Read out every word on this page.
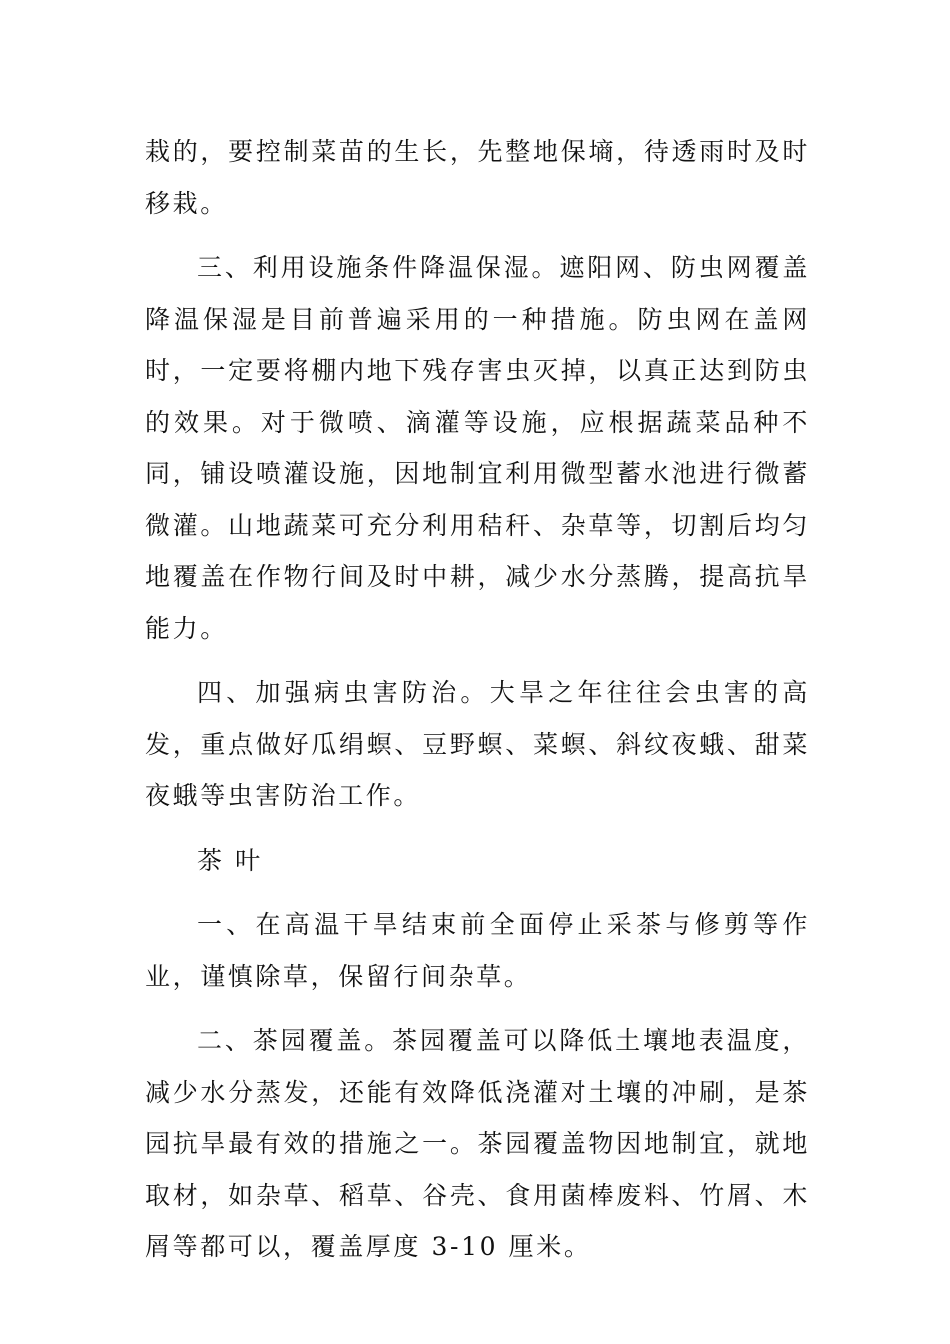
栽的，要控制菜苗的生长，先整地保墒，待透雨时及时移栽。

三、利用设施条件降温保湿。遮阳网、防虫网覆盖降温保湿是目前普遍采用的一种措施。防虫网在盖网时，一定要将棚内地下残存害虫灭掉，以真正达到防虫的效果。对于微喷、滴灌等设施，应根据蔬菜品种不同，铺设喷灌设施，因地制宜利用微型蓄水池进行微蓄微灌。山地蔬菜可充分利用秸秆、杂草等，切割后均匀地覆盖在作物行间及时中耕，减少水分蒸腾，提高抗旱能力。

四、加强病虫害防治。大旱之年往往会虫害的高发，重点做好瓜绢螟、豆野螟、菜螟、斜纹夜蛾、甜菜夜蛾等虫害防治工作。

茶 叶

一、在高温干旱结束前全面停止采茶与修剪等作业，谨慎除草，保留行间杂草。

二、茶园覆盖。茶园覆盖可以降低土壤地表温度，减少水分蒸发，还能有效降低浇灌对土壤的冲刷，是茶园抗旱最有效的措施之一。茶园覆盖物因地制宜，就地取材，如杂草、稻草、谷壳、食用菌棒废料、竹屑、木屑等都可以，覆盖厚度 3-10 厘米。
